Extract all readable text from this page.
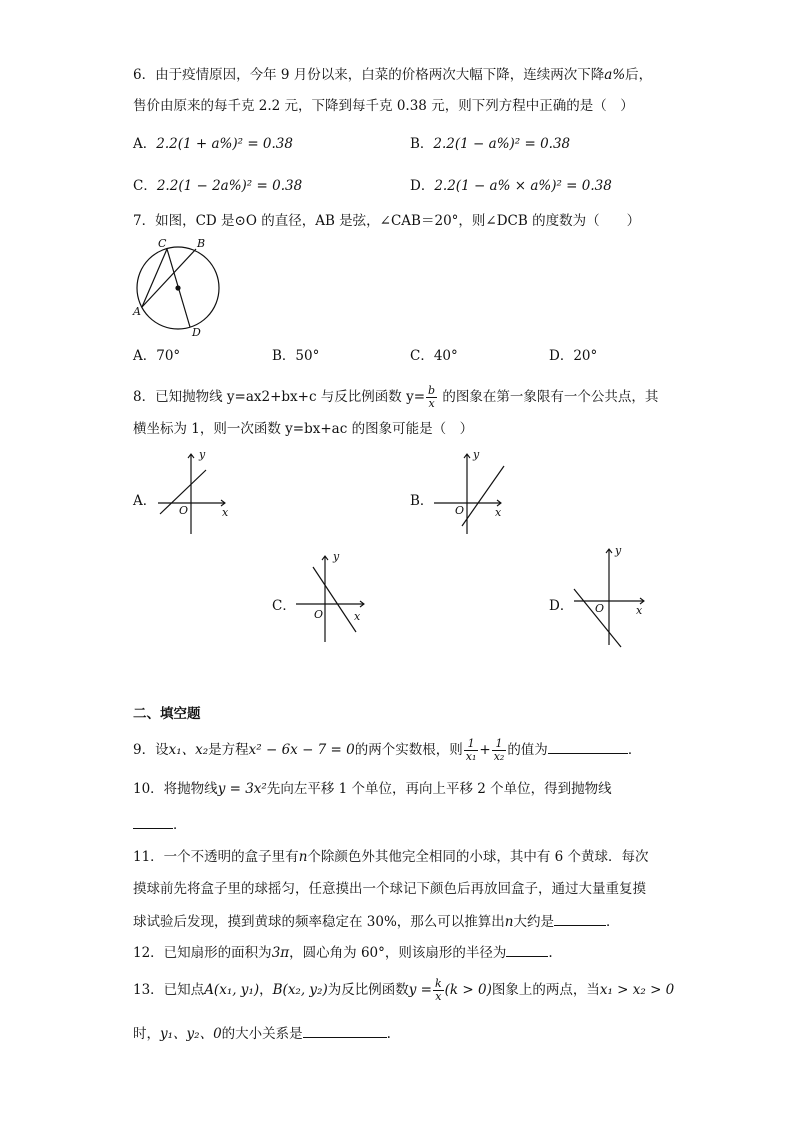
6．由于疫情原因，今年 9 月份以来，白菜的价格两次大幅下降，连续两次下降a%后，
售价由原来的每千克 2.2 元，下降到每千克 0.38 元，则下列方程中正确的是（　）
A．2.2(1 + a%)² = 0.38	B．2.2(1 − a%)² = 0.38
C．2.2(1 − 2a%)² = 0.38	D．2.2(1 − a% × a%)² = 0.38
7．如图，CD 是⊙O 的直径，AB 是弦，∠CAB＝20°，则∠DCB 的度数为（　　）
C	B
A
D
A．70°	B．50°	C．40°	D．20°
8．已知抛物线 y=ax2+bx+c 与反比例函数 $y= \frac{b}{x}$ 的图象在第一象限有一个公共点，其
横坐标为 1，则一次函数 y=bx+ac 的图象可能是（　）
A．
y
x
O
B．
y
x
O
C．
y
x
O
D．
y
x
O
二、填空题
9．设x₁、x₂是方程x² − 6x − 7 = 0的两个实数根，则 $\frac{1}{\text{x₁}} + \frac{1}{\text{x₂}}$ 的值为	．
10．将抛物线y = 3x²先向左平移 1 个单位，再向上平移 2 个单位，得到抛物线
．
11．一个不透明的盒子里有n个除颜色外其他完全相同的小球，其中有 6 个黄球．每次
摸球前先将盒子里的球摇匀，任意摸出一个球记下颜色后再放回盒子，通过大量重复摸
球试验后发现，摸到黄球的频率稳定在 30%，那么可以推算出n大约是	．
12．已知扇形的面积为3π，圆心角为 60°，则该扇形的半径为	.
13．已知点A(x₁, y₁)，B(x₂, y₂)为反比例函数$y = \frac{k}{x} (k > 0)$图象上的两点，当x₁ > x₂ > 0
时，y₁、y₂、0的大小关系是	.
